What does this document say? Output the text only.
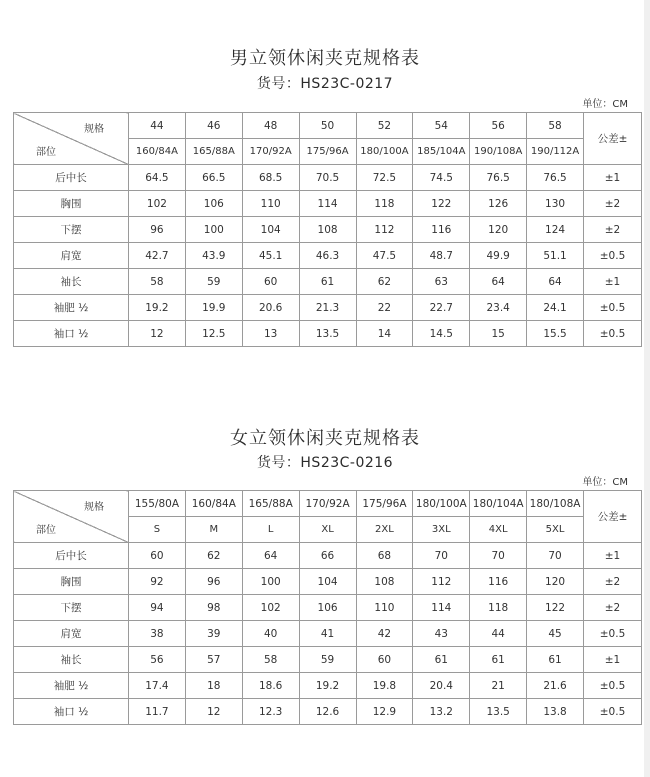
男立领休闲夹克规格表
货号：HS23C-0217
单位：CM
规格
部位	44	46	48	50	52	54	56	58	公差±
	160/84A	165/88A	170/92A	175/96A	180/100A	185/104A	190/108A	190/112A	
后中长	64.5	66.5	68.5	70.5	72.5	74.5	76.5	76.5	±1
胸围	102	106	110	114	118	122	126	130	±2
下摆	96	100	104	108	112	116	120	124	±2
肩宽	42.7	43.9	45.1	46.3	47.5	48.7	49.9	51.1	±0.5
袖长	58	59	60	61	62	63	64	64	±1
袖肥 ½	19.2	19.9	20.6	21.3	22	22.7	23.4	24.1	±0.5
袖口 ½	12	12.5	13	13.5	14	14.5	15	15.5	±0.5
女立领休闲夹克规格表
货号：HS23C-0216
单位：CM
规格
部位	155/80A	160/84A	165/88A	170/92A	175/96A	180/100A	180/104A	180/108A	公差±
	S	M	L	XL	2XL	3XL	4XL	5XL	
后中长	60	62	64	66	68	70	70	70	±1
胸围	92	96	100	104	108	112	116	120	±2
下摆	94	98	102	106	110	114	118	122	±2
肩宽	38	39	40	41	42	43	44	45	±0.5
袖长	56	57	58	59	60	61	61	61	±1
袖肥 ½	17.4	18	18.6	19.2	19.8	20.4	21	21.6	±0.5
袖口 ½	11.7	12	12.3	12.6	12.9	13.2	13.5	13.8	±0.5
